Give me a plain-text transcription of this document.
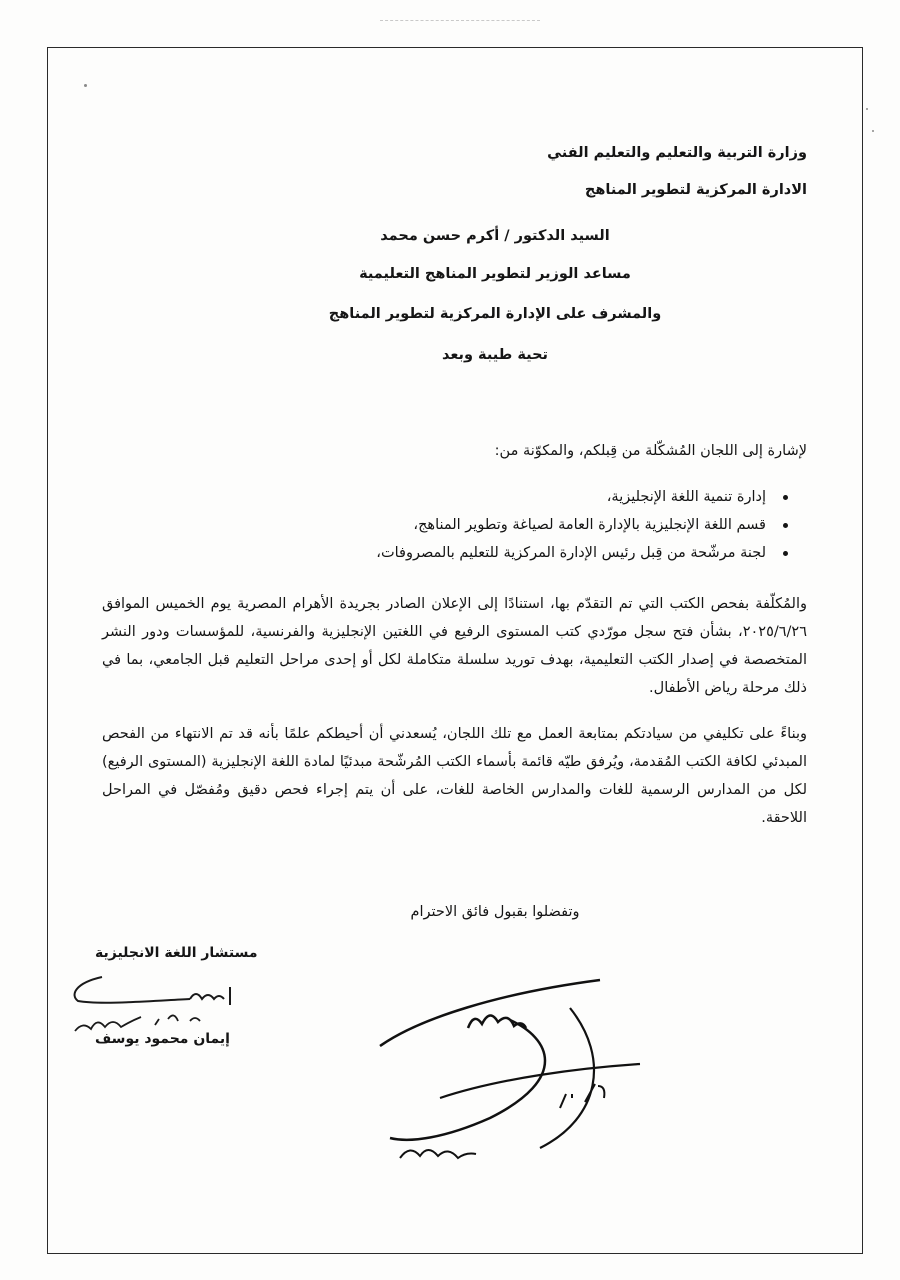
وزارة التربية والتعليم والتعليم الفني
الادارة المركزية لتطوير المناهج
السيد الدكتور / أكرم حسن محمد
مساعد الوزير لتطوير المناهج التعليمية
والمشرف على الإدارة المركزية لتطوير المناهج
تحية طيبة وبعد
لإشارة إلى اللجان المُشكّلة من قِبلكم، والمكوّنة من:
إدارة تنمية اللغة الإنجليزية،
قسم اللغة الإنجليزية بالإدارة العامة لصياغة وتطوير المناهج،
لجنة مرشّحة من قِبل رئيس الإدارة المركزية للتعليم بالمصروفات،
والمُكلّفة بفحص الكتب التي تم التقدّم بها، استنادًا إلى الإعلان الصادر بجريدة الأهرام المصرية يوم الخميس الموافق ٢٠٢٥/٦/٢٦، بشأن فتح سجل مورّدي كتب المستوى الرفيع في اللغتين الإنجليزية والفرنسية، للمؤسسات ودور النشر المتخصصة في إصدار الكتب التعليمية، بهدف توريد سلسلة متكاملة لكل أو إحدى مراحل التعليم قبل الجامعي، بما في ذلك مرحلة رياض الأطفال.
وبناءً على تكليفي من سيادتكم بمتابعة العمل مع تلك اللجان، يُسعدني أن أحيطكم علمًا بأنه قد تم الانتهاء من الفحص المبدئي لكافة الكتب المُقدمة، ويُرفق طيّه قائمة بأسماء الكتب المُرشّحة مبدئيًا لمادة اللغة الإنجليزية (المستوى الرفيع) لكل من المدارس الرسمية للغات والمدارس الخاصة للغات، على أن يتم إجراء فحص دقيق ومُفصّل في المراحل اللاحقة.
وتفضلوا بقبول فائق الاحترام
مستشار اللغة الانجليزية
إيمان محمود يوسف
